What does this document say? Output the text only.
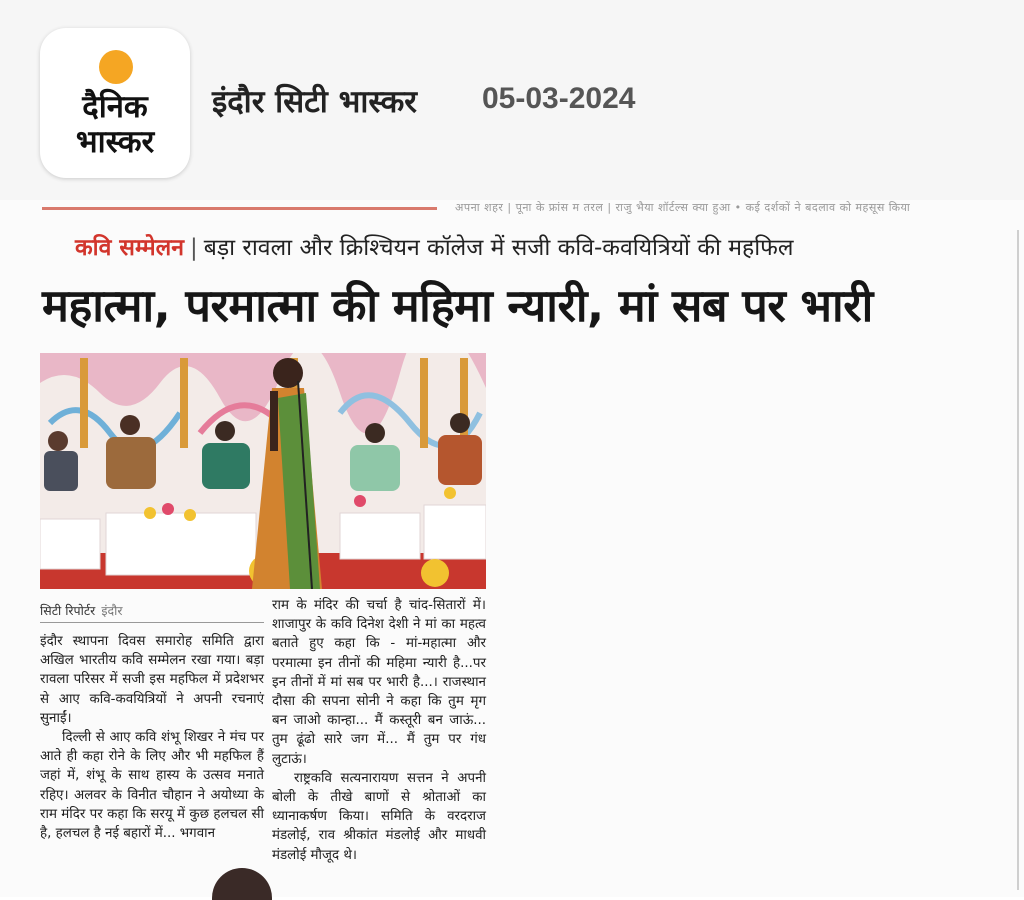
दैनिक
भास्कर
इंदौर सिटी भास्कर 05-03-2024
अपना शहर | पूना के फ्रांस म तरल | राजु भैया शॉर्टल्स क्या हुआ • कई दर्शकों ने बदलाव को महसूस किया
कवि सम्मेलन | बड़ा रावला और क्रिश्चियन कॉलेज में सजी कवि-कवयित्रियों की महफिल
महात्मा, परमात्मा की महिमा न्यारी, मां सब पर भारी
सिटी रिपोर्टर इंदौर

इंदौर स्थापना दिवस समारोह समिति द्वारा अखिल भारतीय कवि सम्मेलन रखा गया। बड़ा रावला परिसर में सजी इस महफिल में प्रदेशभर से आए कवि-कवयित्रियों ने अपनी रचनाएं सुनाईं।

दिल्ली से आए कवि शंभू शिखर ने मंच पर आते ही कहा रोने के लिए और भी महफिल हैं जहां में, शंभू के साथ हास्य के उत्सव मनाते रहिए। अलवर के विनीत चौहान ने अयोध्या के राम मंदिर पर कहा कि सरयू में कुछ हलचल सी है, हलचल है नई बहारों में... भगवान

राम के मंदिर की चर्चा है चांद-सितारों में। शाजापुर के कवि दिनेश देशी ने मां का महत्व बताते हुए कहा कि - मां-महात्मा और परमात्मा इन तीनों की महिमा न्यारी है...पर इन तीनों में मां सब पर भारी है...। राजस्थान दौसा की सपना सोनी ने कहा कि तुम मृग बन जाओ कान्हा... मैं कस्तूरी बन जाऊं... तुम ढूंढो सारे जग में... मैं तुम पर गंध लुटाऊं।

राष्ट्रकवि सत्यनारायण सत्तन ने अपनी बोली के तीखे बाणों से श्रोताओं का ध्यानाकर्षण किया। समिति के वरदराज मंडलोई, राव श्रीकांत मंडलोई और माधवी मंडलोई मौजूद थे।
